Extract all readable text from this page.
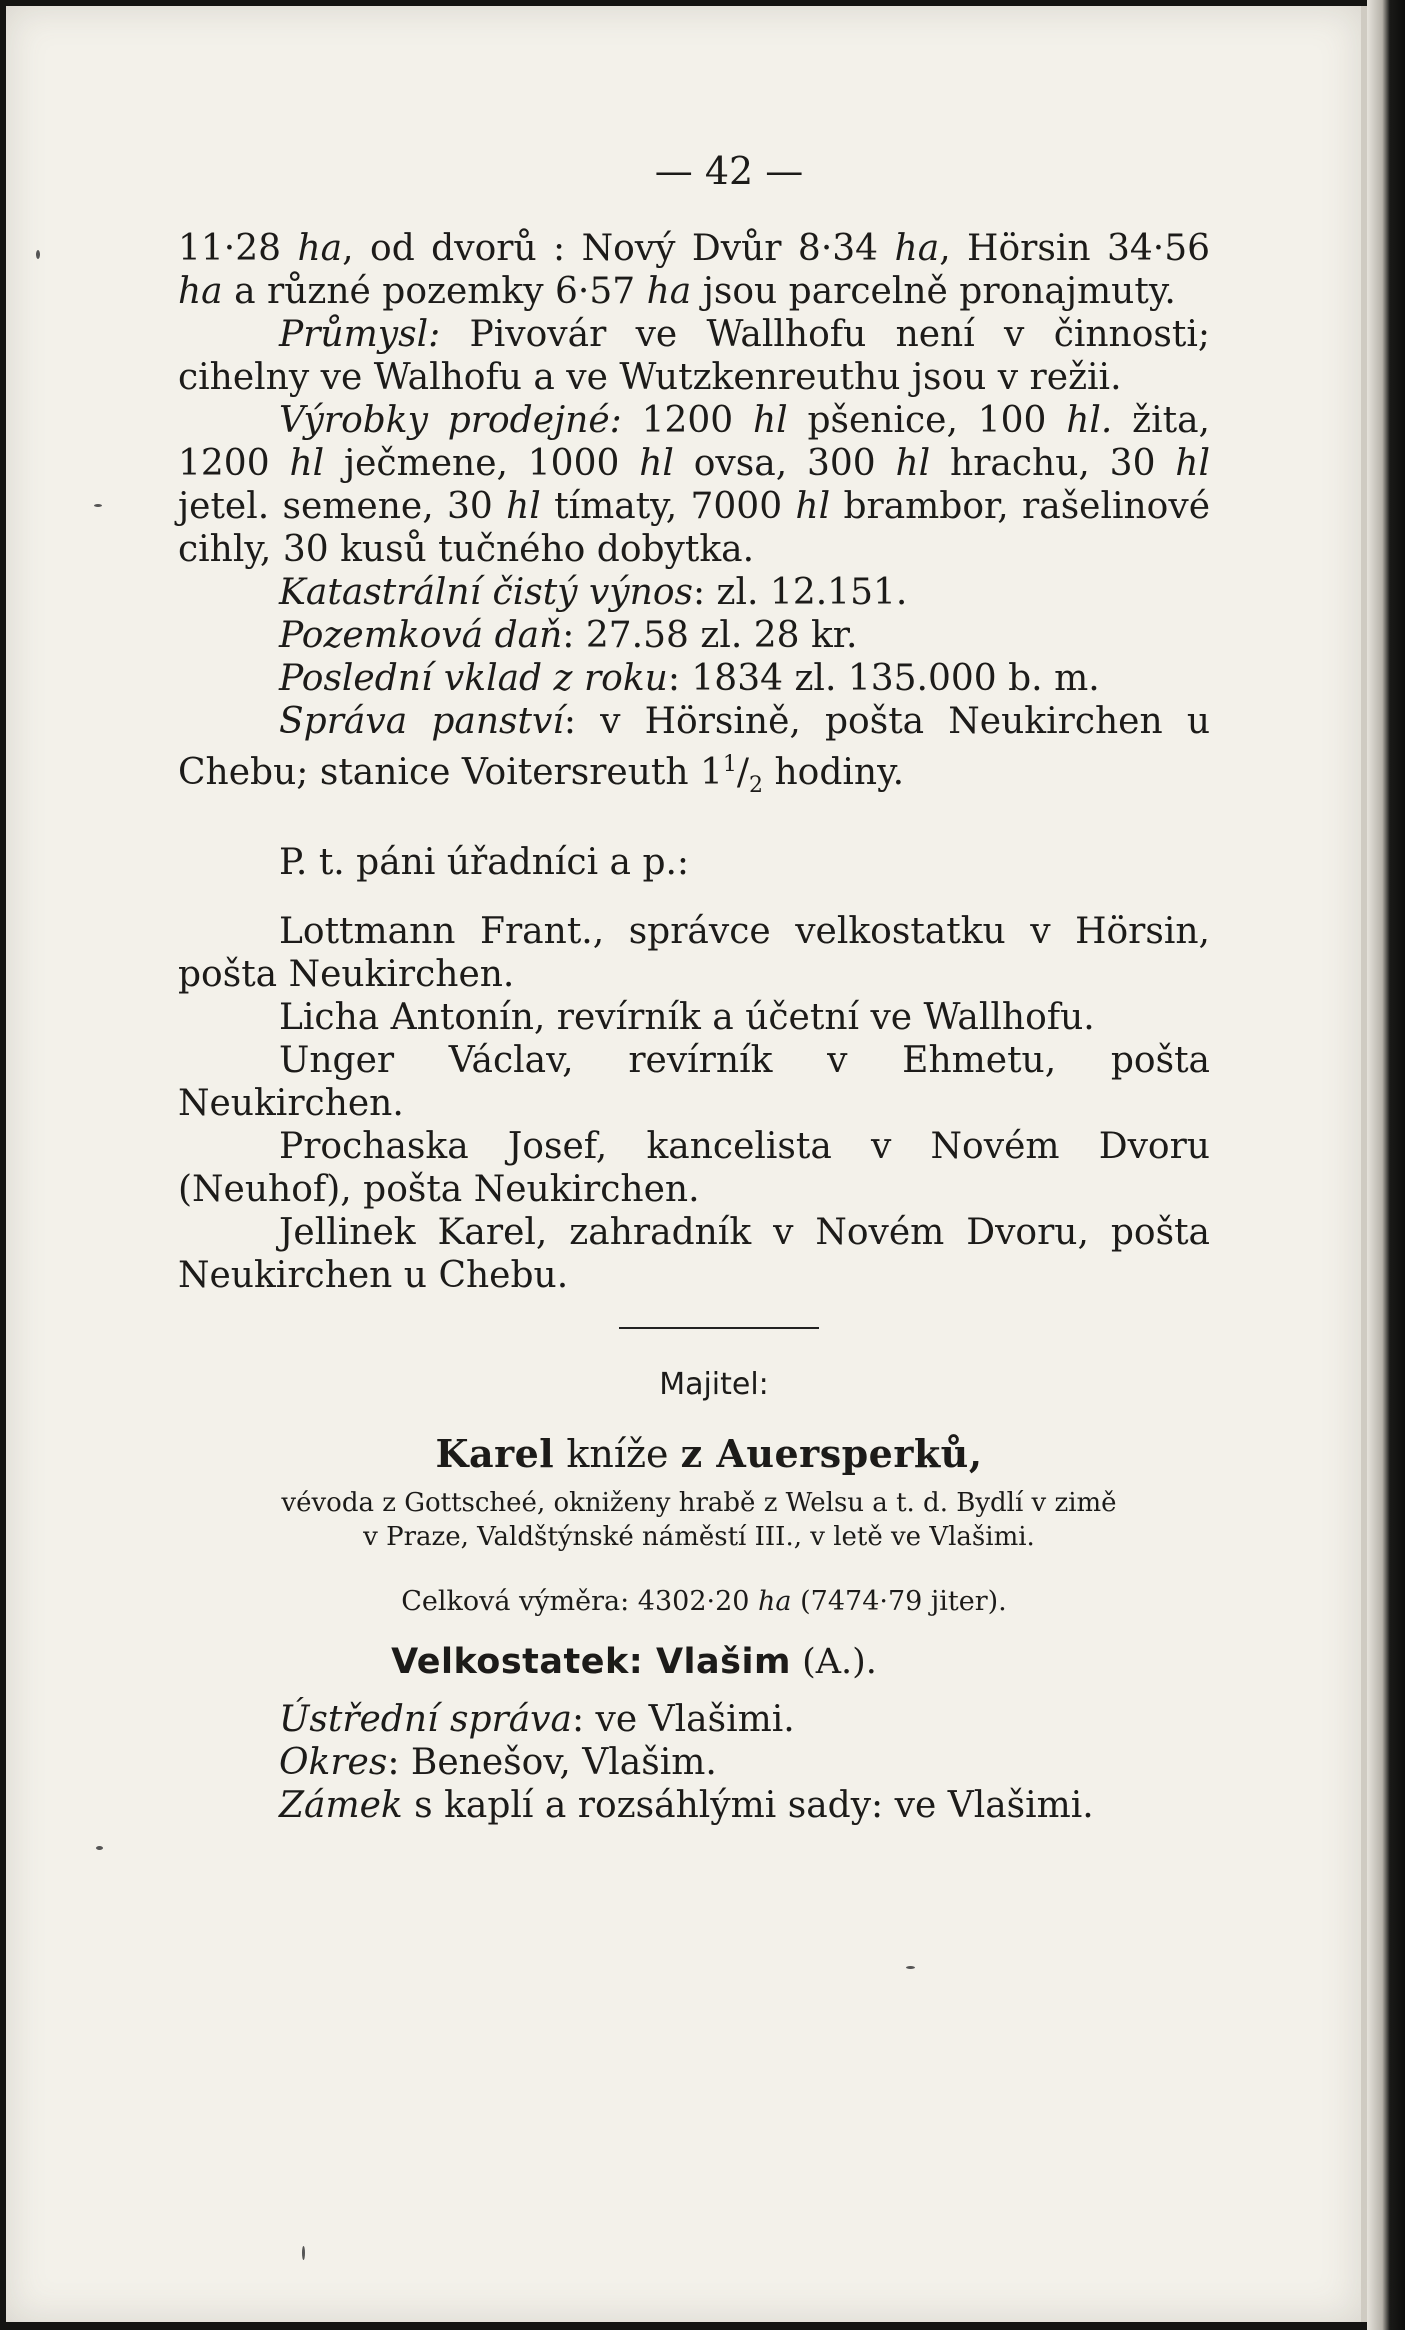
— 42 —

11·28 ha, od dvorů : Nový Dvůr 8·34 ha, Hörsin 34·56 ha a různé pozemky 6·57 ha jsou parcelně pronajmuty.

Průmysl: Pivovár ve Wallhofu není v činnosti; cihelny ve Walhofu a ve Wutzkenreuthu jsou v režii.

Výrobky prodejné: 1200 hl pšenice, 100 hl. žita, 1200 hl ječmene, 1000 hl ovsa, 300 hl hrachu, 30 hl jetel. semene, 30 hl tímaty, 7000 hl brambor, rašelinové cihly, 30 kusů tučného dobytka.

Katastrální čistý výnos: zl. 12.151.

Pozemková daň: 27.58 zl. 28 kr.

Poslední vklad z roku: 1834 zl. 135.000 b. m.

Správa panství: v Hörsině, pošta Neukirchen u Chebu; stanice Voitersreuth $1^1/_2$ hodiny.

P. t. páni úřadníci a p.:

Lottmann Frant., správce velkostatku v Hörsin, pošta Neukirchen.

Licha Antonín, revírník a účetní ve Wallhofu.

Unger Václav, revírník v Ehmetu, pošta Neukirchen.

Prochaska Josef, kancelista v Novém Dvoru (Neuhof), pošta Neukirchen.

Jellinek Karel, zahradník v Novém Dvoru, pošta Neukirchen u Chebu.

Majitel:
Karel kníže z Auersperků,
vévoda z Gottscheé, okniženy hrabě z Welsu a t. d. Bydlí v zimě
v Praze, Valdštýnské náměstí III., v letě ve Vlašimi.
Celková výměra: 4302·20 ha (7474·79 jiter).
Velkostatek: Vlašim (A.).

Ústřední správa: ve Vlašimi.

Okres: Benešov, Vlašim.

Zámek s kaplí a rozsáhlými sady: ve Vlašimi.
